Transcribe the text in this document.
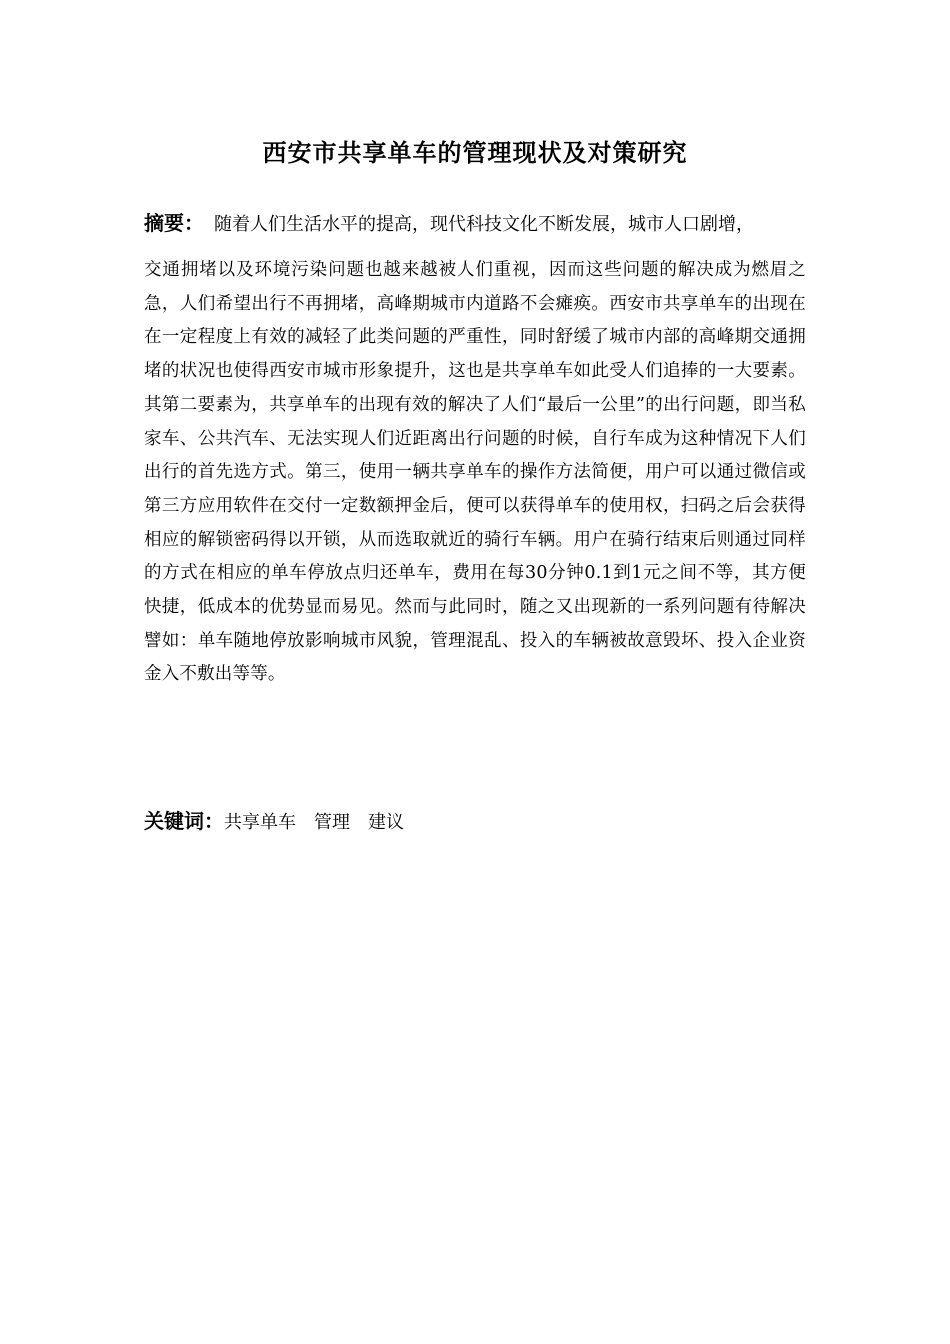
西安市共享单车的管理现状及对策研究

摘要： 随着人们生活水平的提高，现代科技文化不断发展，城市人口剧增，

交通拥堵以及环境污染问题也越来越被人们重视，因而这些问题的解决成为燃眉之急，人们希望出行不再拥堵，高峰期城市内道路不会瘫痪。西安市共享单车的出现在在一定程度上有效的减轻了此类问题的严重性，同时舒缓了城市内部的高峰期交通拥堵的状况也使得西安市城市形象提升，这也是共享单车如此受人们追捧的一大要素。其第二要素为，共享单车的出现有效的解决了人们“最后一公里”的出行问题，即当私家车、公共汽车、无法实现人们近距离出行问题的时候，自行车成为这种情况下人们出行的首先选方式。第三，使用一辆共享单车的操作方法简便，用户可以通过微信或第三方应用软件在交付一定数额押金后，便可以获得单车的使用权，扫码之后会获得相应的解锁密码得以开锁，从而选取就近的骑行车辆。用户在骑行结束后则通过同样的方式在相应的单车停放点归还单车，费用在每30分钟0.1到1元之间不等，其方便快捷，低成本的优势显而易见。然而与此同时，随之又出现新的一系列问题有待解决譬如：单车随地停放影响城市风貌，管理混乱、投入的车辆被故意毁坏、投入企业资金入不敷出等等。

关键词：共享单车 管理 建议
